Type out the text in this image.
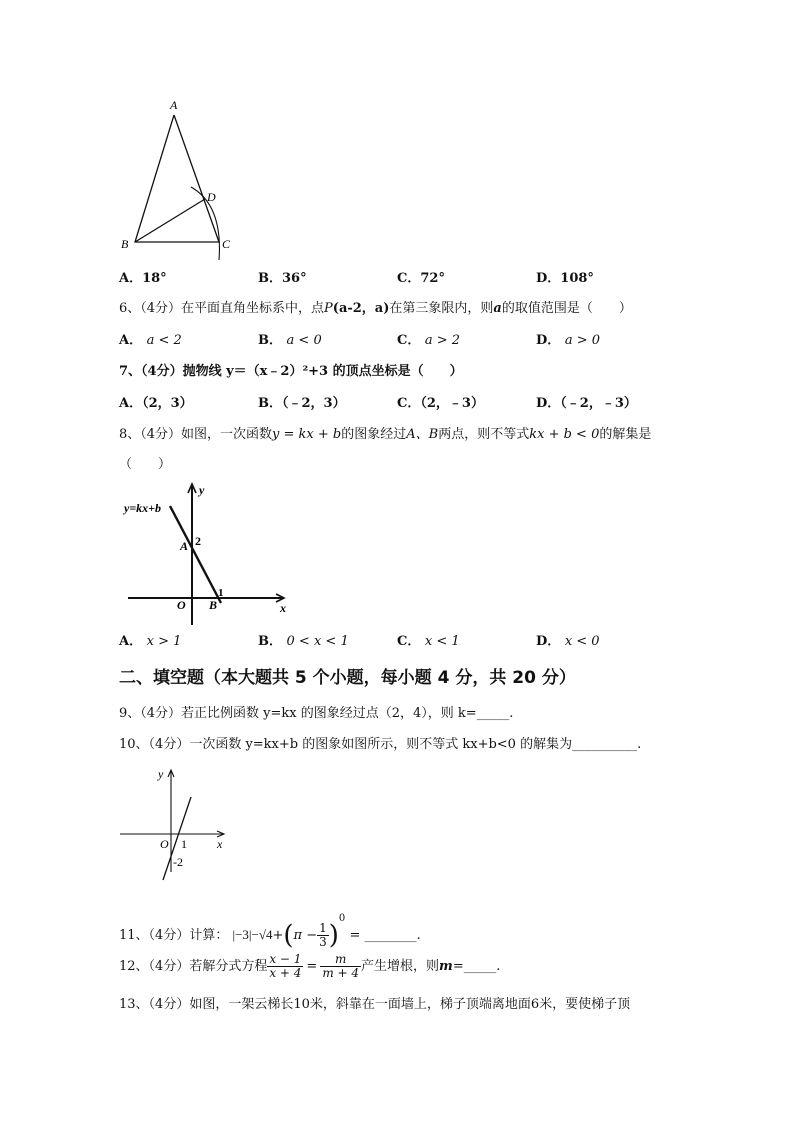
A
B	C
D
A．18°	B．36°	C．72°	D．108°
6、（4分）在平面直角坐标系中，点P(a-2，a)在第三象限内，则a的取值范围是（　　）
A． a < 2	B． a < 0	C． a > 2	D． a > 0
7、（4分）抛物线 y＝（x﹣2）²+3 的顶点坐标是（　　）
A．（2，3）	B．（﹣2，3）	C．（2，﹣3）	D．（﹣2，﹣3）
8、（4分）如图，一次函数y = kx + b的图象经过A、B两点，则不等式kx + b < 0的解集是
（　　）
y=kx+b
y
x
O
A 2
B
1
A． x > 1	B． 0 < x < 1	C． x < 1	D． x < 0
二、填空题（本大题共 5 个小题，每小题 4 分，共 20 分）
9、（4分）若正比例函数 y=kx 的图象经过点（2，4），则 k=_____.
10、（4分）一次函数 y=kx+b 的图象如图所示，则不等式 kx+b<0 的解集为__________.
y
x
O 1
-2
11、（4分）计算： $|-3|-√4+(\pi - \frac{1}{3} )^0$ = ________.
12、（4分）若解分式方程 $\frac{x - 1}{x + 4} = \frac{m}{m + 4}$ 产生增根，则m=_____.
13、（4分）如图，一架云梯长10米，斜靠在一面墙上，梯子顶端离地面6米，要使梯子顶
